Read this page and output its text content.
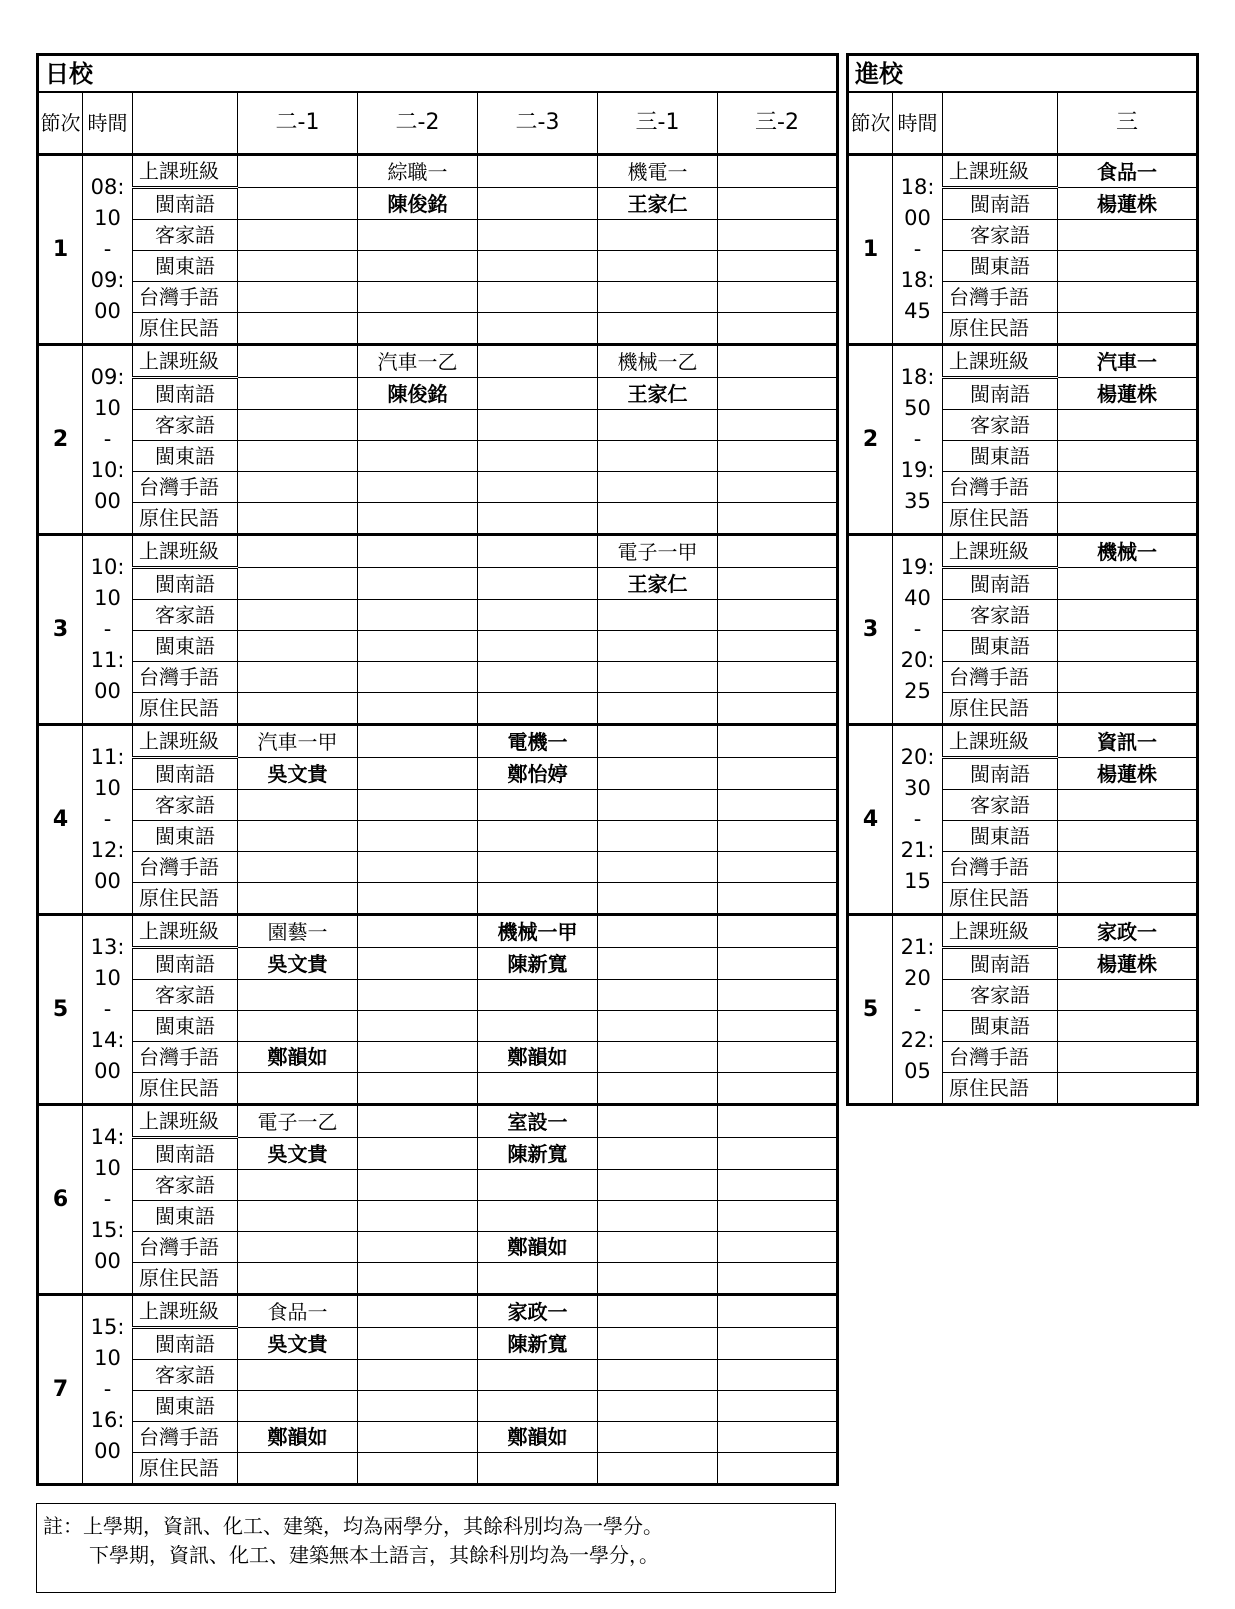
日校							
節次	時間		二-1	二-2	二-3	三-1	三-2
1	08:
10
-
09:
00	上課班級		綜職一		機電一	
		閩南語		陳俊銘		王家仁	
		客家語					
		閩東語					
		台灣手語					
		原住民語					
2	09:
10
-
10:
00	上課班級		汽車一乙		機械一乙	
		閩南語		陳俊銘		王家仁	
		客家語					
		閩東語					
		台灣手語					
		原住民語					
3	10:
10
-
11:
00	上課班級				電子一甲	
		閩南語				王家仁	
		客家語					
		閩東語					
		台灣手語					
		原住民語					
4	11:
10
-
12:
00	上課班級	汽車一甲		電機一		
		閩南語	吳文貴		鄭怡婷		
		客家語					
		閩東語					
		台灣手語					
		原住民語					
5	13:
10
-
14:
00	上課班級	園藝一		機械一甲		
		閩南語	吳文貴		陳新寬		
		客家語					
		閩東語					
		台灣手語	鄭韻如		鄭韻如		
		原住民語					
6	14:
10
-
15:
00	上課班級	電子一乙		室設一		
		閩南語	吳文貴		陳新寬		
		客家語					
		閩東語					
		台灣手語			鄭韻如		
		原住民語					
7	15:
10
-
16:
00	上課班級	食品一		家政一		
		閩南語	吳文貴		陳新寬		
		客家語					
		閩東語					
		台灣手語	鄭韻如		鄭韻如		
		原住民語					
進校			
節次	時間		三
1	18:
00
-
18:
45	上課班級	食品一
		閩南語	楊蓮株
		客家語	
		閩東語	
		台灣手語	
		原住民語	
2	18:
50
-
19:
35	上課班級	汽車一
		閩南語	楊蓮株
		客家語	
		閩東語	
		台灣手語	
		原住民語	
3	19:
40
-
20:
25	上課班級	機械一
		閩南語	
		客家語	
		閩東語	
		台灣手語	
		原住民語	
4	20:
30
-
21:
15	上課班級	資訊一
		閩南語	楊蓮株
		客家語	
		閩東語	
		台灣手語	
		原住民語	
5	21:
20
-
22:
05	上課班級	家政一
		閩南語	楊蓮株
		客家語	
		閩東語	
		台灣手語	
		原住民語	
註：上學期，資訊、化工、建築，均為兩學分，其餘科別均為一學分。
下學期，資訊、化工、建築無本土語言，其餘科別均為一學分，。
